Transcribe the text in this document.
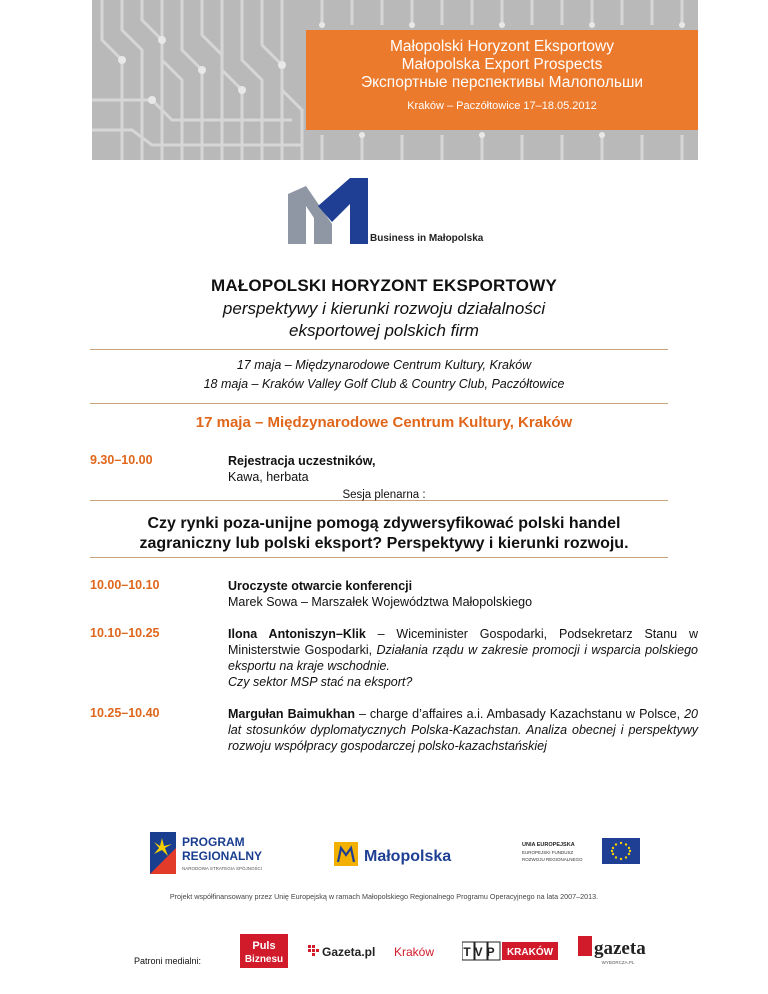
Małopolski Horyzont Eksportowy
Małopolska Export Prospects
Экспортные перспективы Малопольши
Kraków – Paczółtowice 17–18.05.2012
Business in Małopolska
MAŁOPOLSKI HORYZONT EKSPORTOWY
perspektywy i kierunki rozwoju działalności
eksportowej polskich firm
17 maja – Międzynarodowe Centrum Kultury, Kraków
18 maja – Kraków Valley Golf Club & Country Club, Paczółtowice
17 maja – Międzynarodowe Centrum Kultury, Kraków
9.30–10.00	Rejestracja uczestników,
Kawa, herbata
Sesja plenarna :
Czy rynki poza-unijne pomogą zdywersyfikować polski handel
zagraniczny lub polski eksport? Perspektywy i kierunki rozwoju.
10.00–10.10	Uroczyste otwarcie konferencji
Marek Sowa – Marszałek Województwa Małopolskiego
10.10–10.25	Ilona Antoniszyn–Klik – Wiceminister Gospodarki, Podsekretarz Stanu w Ministerstwie Gospodarki, Działania rządu w zakresie promocji i wsparcia polskiego eksportu na kraje wschodnie.
Czy sektor MSP stać na eksport?
10.25–10.40	Margułan Baimukhan – charge d’affaires a.i. Ambasady Kazachstanu w Polsce, 20 lat stosunków dyplomatycznych Polska-Kazachstan. Analiza obecnej i perspektywy rozwoju współpracy gospodarczej polsko-kazachstańskiej
PROGRAM
REGIONALNY
NARODOWA STRATEGIA SPÓJNOŚCI
Małopolska
UNIA EUROPEJSKA
EUROPEJSKI FUNDUSZ
ROZWOJU REGIONALNEGO
Projekt współfinansowany przez Unię Europejską w ramach Małopolskiego Regionalnego Programu Operacyjnego na lata 2007–2013.
Patroni medialni:
Puls
Biznesu
Gazeta.pl Kraków TVP KRAKÓW gazeta
WYBORCZA.PL
